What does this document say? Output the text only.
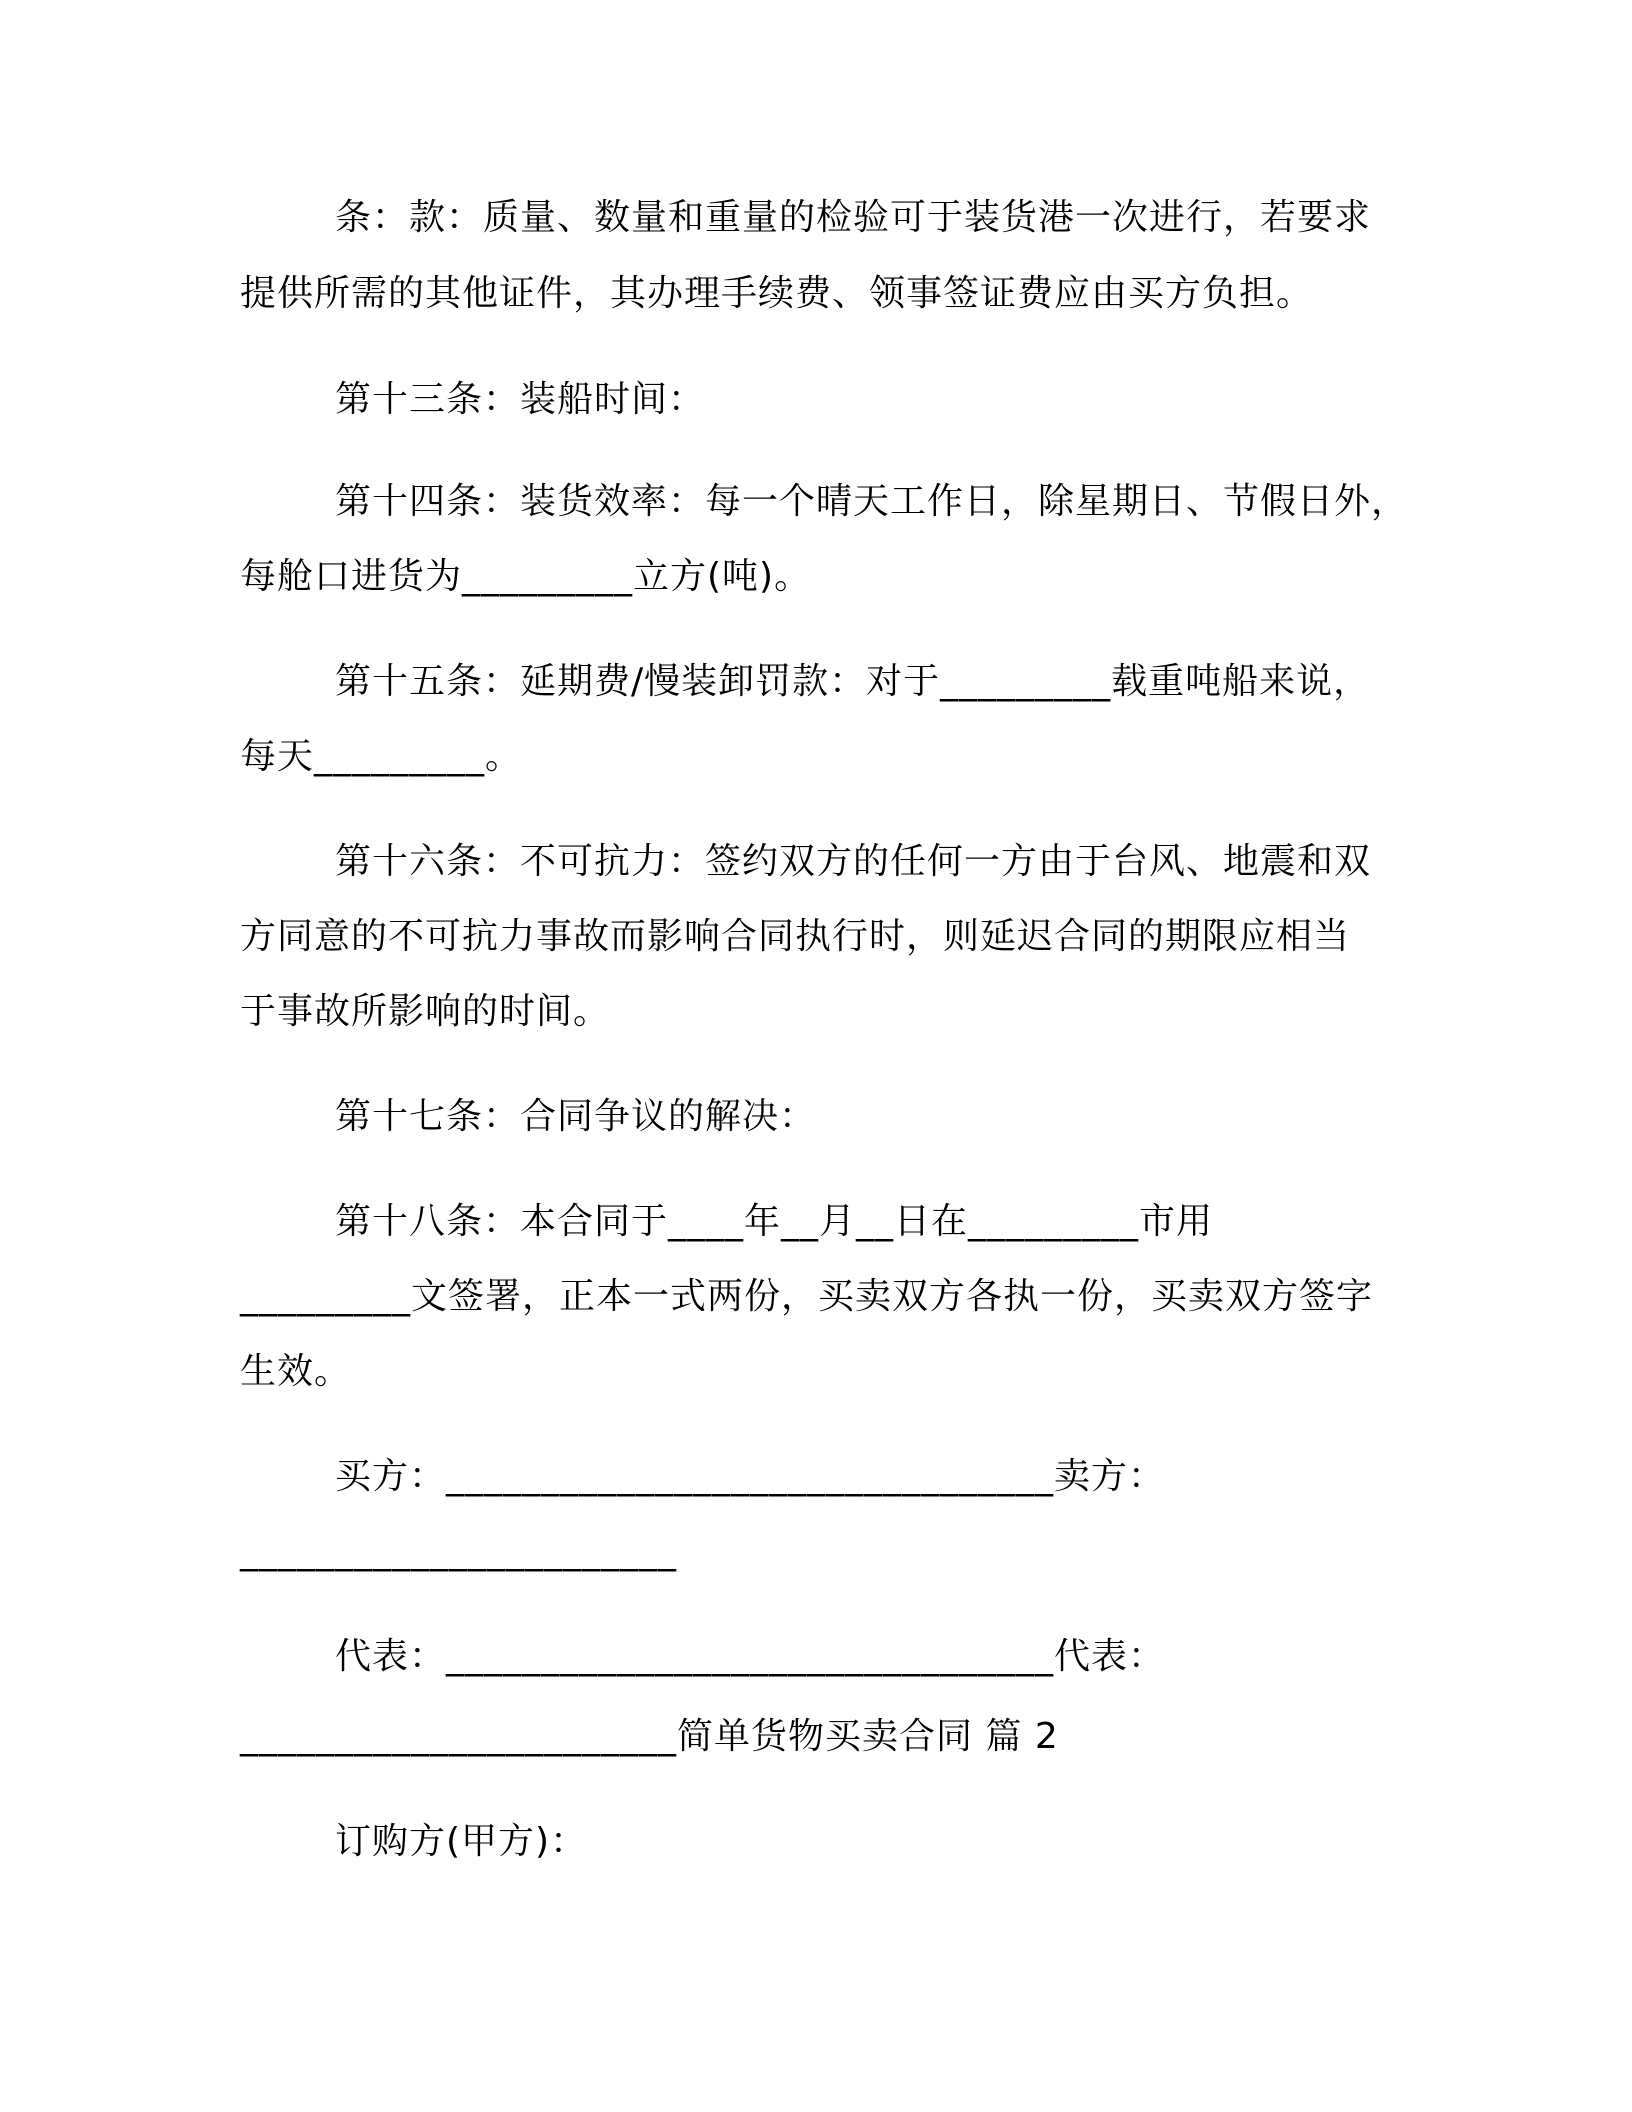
条：款：质量、数量和重量的检验可于装货港一次进行，若要求
提供所需的其他证件，其办理手续费、领事签证费应由买方负担。
第十三条：装船时间：
第十四条：装货效率：每一个晴天工作日，除星期日、节假日外，
每舱口进货为_________立方(吨)。
第十五条：延期费/慢装卸罚款：对于_________载重吨船来说，
每天_________。
第十六条：不可抗力：签约双方的任何一方由于台风、地震和双
方同意的不可抗力事故而影响合同执行时，则延迟合同的期限应相当
于事故所影响的时间。
第十七条：合同争议的解决：
第十八条：本合同于____年__月__日在_________市用
_________文签署，正本一式两份，买卖双方各执一份，买卖双方签字
生效。
买方：________________________________卖方：
_______________________
代表：________________________________代表：
_______________________简单货物买卖合同 篇 2
订购方(甲方)：
